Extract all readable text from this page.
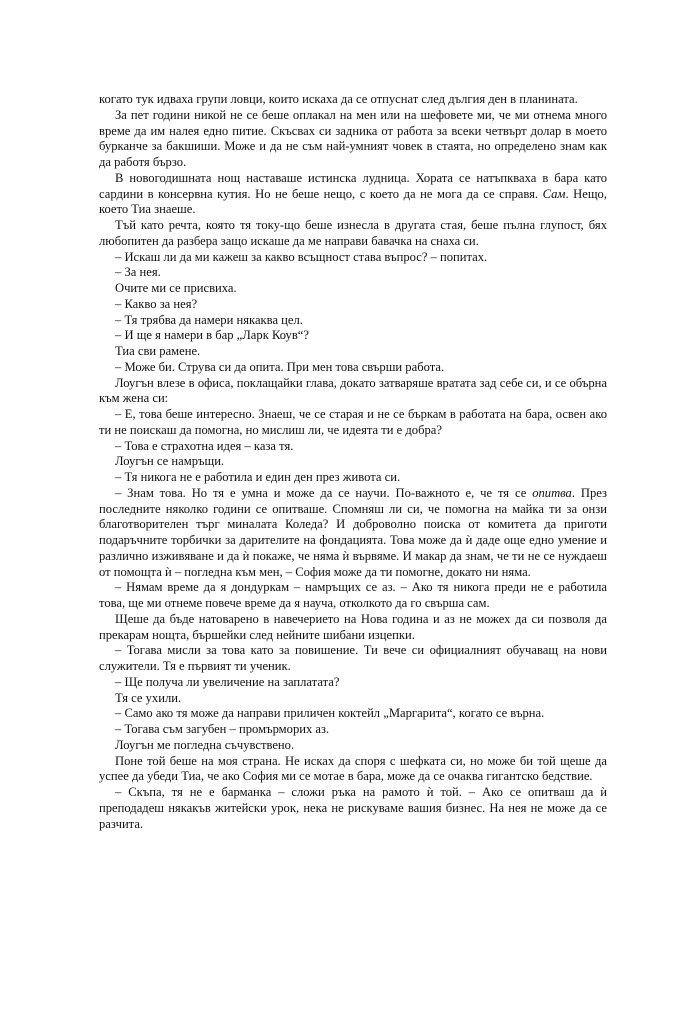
когато тук идваха групи ловци, които искаха да се отпуснат след дългия ден в планината.

За пет години никой не се беше оплакал на мен или на шефовете ми, че ми отнема много време да им налея едно питие. Скъсвах си задника от работа за всеки четвърт долар в моето бурканче за бакшиши. Може и да не съм най-умният човек в стаята, но определено знам как да работя бързо.

В новогодишната нощ наставаше истинска лудница. Хората се натъпкваха в бара като сардини в консервна кутия. Но не беше нещо, с което да не мога да се справя. Сам. Нещо, което Тиа знаеше.

Тъй като речта, която тя току-що беше изнесла в другата стая, беше пълна глупост, бях любопитен да разбера защо искаше да ме направи бавачка на снаха си.

– Искаш ли да ми кажеш за какво всъщност става въпрос? – попитах.

– За нея.

Очите ми се присвиха.

– Какво за нея?

– Тя трябва да намери някаква цел.

– И ще я намери в бар „Ларк Коув“?

Тиа сви рамене.

– Може би. Струва си да опита. При мен това свърши работа.

Лоугън влезе в офиса, поклащайки глава, докато затваряше вратата зад себе си, и се обърна към жена си:

– Е, това беше интересно. Знаеш, че се старая и не се бъркам в работата на бара, освен ако ти не поискаш да помогна, но мислиш ли, че идеята ти е добра?

– Това е страхотна идея – каза тя.

Лоугън се намръщи.

– Тя никога не е работила и един ден през живота си.

– Знам това. Но тя е умна и може да се научи. По-важното е, че тя се опитва. През последните няколко години се опитваше. Спомняш ли си, че помогна на майка ти за онзи благотворителен търг миналата Коледа? И доброволно поиска от комитета да приготи подаръчните торбички за дарителите на фондацията. Това може да ѝ даде още едно умение и различно изживяване и да ѝ покаже, че няма ѝ вървяме. И макар да знам, че ти не се нуждаеш от помощта ѝ – погледна към мен, – София може да ти помогне, докато ни няма.

– Нямам време да я дондуркам – намръщих се аз. – Ако тя никога преди не е работила това, ще ми отнеме повече време да я науча, отколкото да го свърша сам.

Щеше да бъде натоварено в навечерието на Нова година и аз не можех да си позволя да прекарам нощта, бършейки след нейните шибани изцепки.

– Тогава мисли за това като за повишение. Ти вече си официалният обучаващ на нови служители. Тя е първият ти ученик.

– Ще получа ли увеличение на заплатата?

Тя се ухили.

– Само ако тя може да направи приличен коктейл „Маргарита“, когато се върна.

– Тогава съм загубен – промърморих аз.

Лоугън ме погледна съчувствено.

Поне той беше на моя страна. Не исках да споря с шефката си, но може би той щеше да успее да убеди Тиа, че ако София ми се мотае в бара, може да се очаква гигантско бедствие.

– Скъпа, тя не е барманка – сложи ръка на рамото ѝ той. – Ако се опитваш да ѝ преподадеш някакъв житейски урок, нека не рискуваме вашия бизнес. На нея не може да се разчита.
